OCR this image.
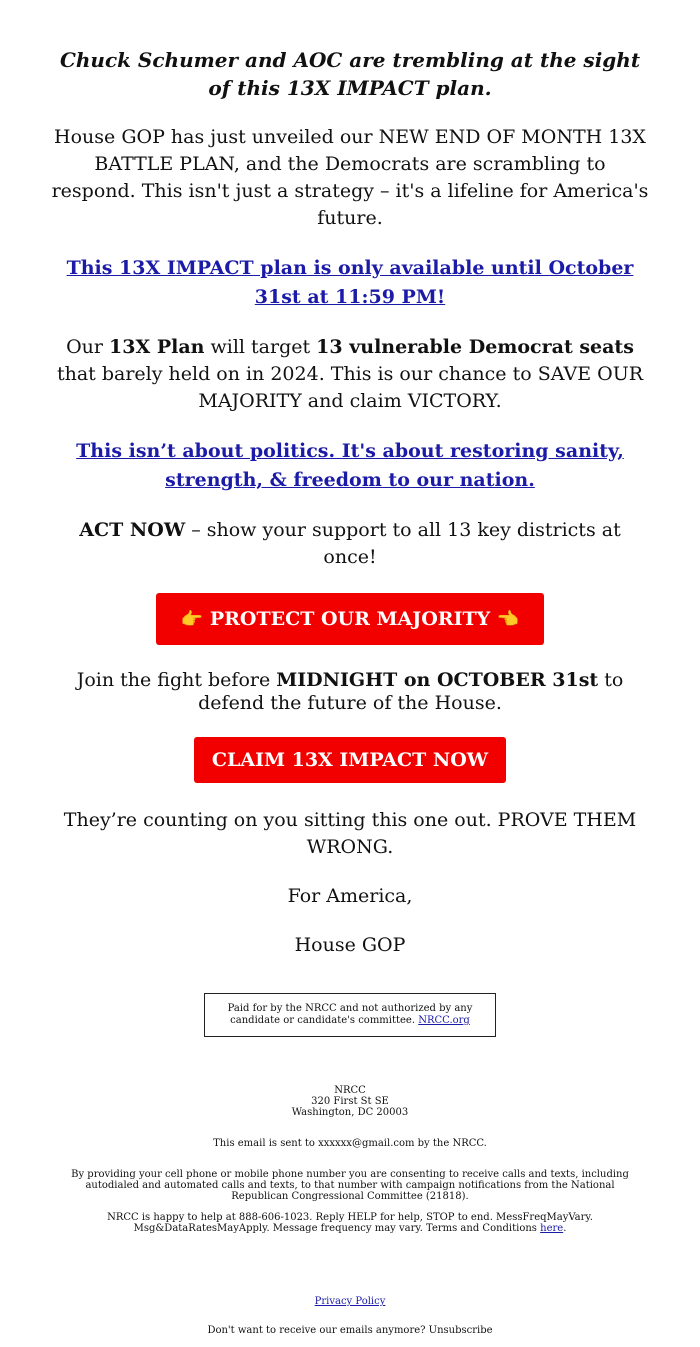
Chuck Schumer and AOC are trembling at the sight of this 13X IMPACT plan.

House GOP has just unveiled our NEW END OF MONTH 13X BATTLE PLAN, and the Democrats are scrambling to respond. This isn't just a strategy – it's a lifeline for America's future.

This 13X IMPACT plan is only available until October 31st at 11:59 PM!

Our 13X Plan will target 13 vulnerable Democrat seats that barely held on in 2024. This is our chance to SAVE OUR MAJORITY and claim VICTORY.

This isn’t about politics. It's about restoring sanity, strength, & freedom to our nation.

ACT NOW – show your support to all 13 key districts at once!

👉 PROTECT OUR MAJORITY 👈

Join the fight before MIDNIGHT on OCTOBER 31st to defend the future of the House.

CLAIM 13X IMPACT NOW

They’re counting on you sitting this one out. PROVE THEM WRONG.

For America,

House GOP

Paid for by the NRCC and not authorized by any candidate or candidate's committee. NRCC.org

NRCC

320 First St SE

Washington, DC 20003

This email is sent to xxxxxx@gmail.com by the NRCC.

By providing your cell phone or mobile phone number you are consenting to receive calls and texts, including autodialed and automated calls and texts, to that number with campaign notifications from the National Republican Congressional Committee (21818).

NRCC is happy to help at 888-606-1023. Reply HELP for help, STOP to end. MessFreqMayVary. Msg&DataRatesMayApply. Message frequency may vary. Terms and Conditions here.

Privacy Policy

Don't want to receive our emails anymore? Unsubscribe
